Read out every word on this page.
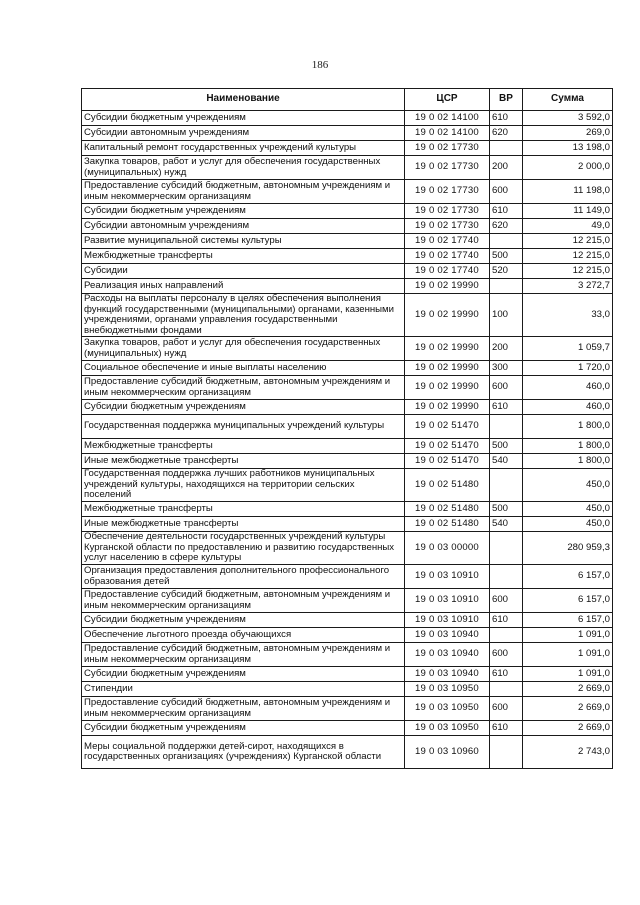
186
Наименование	ЦСР	ВР	Сумма
Субсидии бюджетным учреждениям	19 0 02 14100	610	3 592,0
Субсидии автономным учреждениям	19 0 02 14100	620	269,0
Капитальный ремонт государственных учреждений культуры	19 0 02 17730		13 198,0
Закупка товаров, работ и услуг для обеспечения государственных (муниципальных) нужд	19 0 02 17730	200	2 000,0
Предоставление субсидий бюджетным, автономным учреждениям и иным некоммерческим организациям	19 0 02 17730	600	11 198,0
Субсидии бюджетным учреждениям	19 0 02 17730	610	11 149,0
Субсидии автономным учреждениям	19 0 02 17730	620	49,0
Развитие муниципальной системы культуры	19 0 02 17740		12 215,0
Межбюджетные трансферты	19 0 02 17740	500	12 215,0
Субсидии	19 0 02 17740	520	12 215,0
Реализация иных направлений	19 0 02 19990		3 272,7
Расходы на выплаты персоналу в целях обеспечения выполнения функций государственными (муниципальными) органами, казенными учреждениями, органами управления государственными внебюджетными фондами	19 0 02 19990	100	33,0
Закупка товаров, работ и услуг для обеспечения государственных (муниципальных) нужд	19 0 02 19990	200	1 059,7
Социальное обеспечение и иные выплаты населению	19 0 02 19990	300	1 720,0
Предоставление субсидий бюджетным, автономным учреждениям и иным некоммерческим организациям	19 0 02 19990	600	460,0
Субсидии бюджетным учреждениям	19 0 02 19990	610	460,0
Государственная поддержка муниципальных учреждений культуры	19 0 02 51470		1 800,0
Межбюджетные трансферты	19 0 02 51470	500	1 800,0
Иные межбюджетные трансферты	19 0 02 51470	540	1 800,0
Государственная поддержка лучших работников муниципальных учреждений культуры, находящихся на территории сельских поселений	19 0 02 51480		450,0
Межбюджетные трансферты	19 0 02 51480	500	450,0
Иные межбюджетные трансферты	19 0 02 51480	540	450,0
Обеспечение деятельности государственных учреждений культуры Курганской области по предоставлению и развитию государственных услуг населению в сфере культуры	19 0 03 00000		280 959,3
Организация предоставления дополнительного профессионального образования детей	19 0 03 10910		6 157,0
Предоставление субсидий бюджетным, автономным учреждениям и иным некоммерческим организациям	19 0 03 10910	600	6 157,0
Субсидии бюджетным учреждениям	19 0 03 10910	610	6 157,0
Обеспечение льготного проезда обучающихся	19 0 03 10940		1 091,0
Предоставление субсидий бюджетным, автономным учреждениям и иным некоммерческим организациям	19 0 03 10940	600	1 091,0
Субсидии бюджетным учреждениям	19 0 03 10940	610	1 091,0
Стипендии	19 0 03 10950		2 669,0
Предоставление субсидий бюджетным, автономным учреждениям и иным некоммерческим организациям	19 0 03 10950	600	2 669,0
Субсидии бюджетным учреждениям	19 0 03 10950	610	2 669,0
Меры социальной поддержки детей-сирот, находящихся в государственных организациях (учреждениях) Курганской области	19 0 03 10960		2 743,0
